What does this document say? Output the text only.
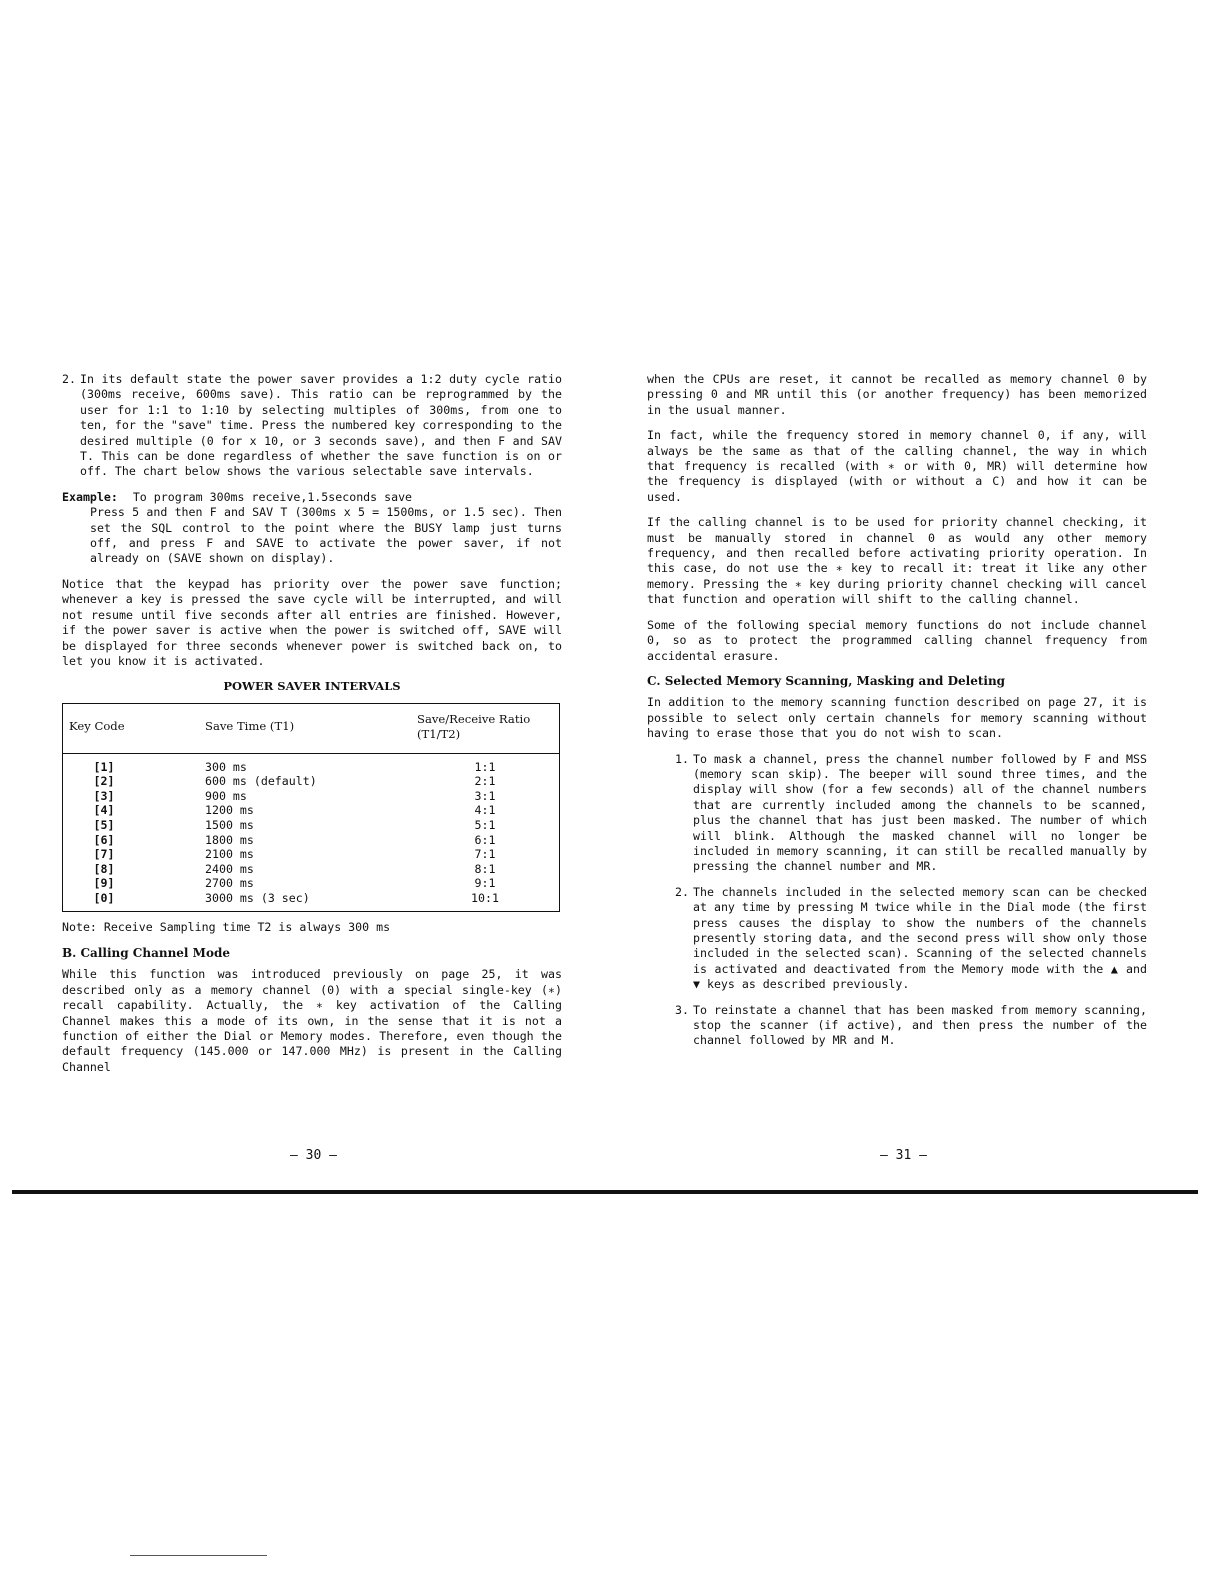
2. In its default state the power saver provides a 1:2 duty cycle ratio (300ms receive, 600ms save). This ratio can be reprogrammed by the user for 1:1 to 1:10 by selecting multiples of 300ms, from one to ten, for the "save" time. Press the numbered key corresponding to the desired multiple (0 for x 10, or 3 seconds save), and then F and SAV T. This can be done regardless of whether the save function is on or off. The chart below shows the various selectable save intervals.
Example: To program 300ms receive,1.5seconds save
Press 5 and then F and SAV T (300ms x 5 = 1500ms, or 1.5 sec). Then set the SQL control to the point where the BUSY lamp just turns off, and press F and SAVE to activate the power saver, if not already on (SAVE shown on display).

Notice that the keypad has priority over the power save function; whenever a key is pressed the save cycle will be interrupted, and will not resume until five seconds after all entries are finished. However, if the power saver is active when the power is switched off, SAVE will be displayed for three seconds whenever power is switched back on, to let you know it is activated.

POWER SAVER INTERVALS
Key Code	Save Time (T1)	Save/Receive Ratio (T1/T2)
[1]	300 ms	1:1
[2]	600 ms (default)	2:1
[3]	900 ms	3:1
[4]	1200 ms	4:1
[5]	1500 ms	5:1
[6]	1800 ms	6:1
[7]	2100 ms	7:1
[8]	2400 ms	8:1
[9]	2700 ms	9:1
[0]	3000 ms (3 sec)	10:1
Note: Receive Sampling time T2 is always 300 ms
B. Calling Channel Mode

While this function was introduced previously on page 25, it was described only as a memory channel (0) with a special single-key (∗) recall capability. Actually, the ∗ key activation of the Calling Channel makes this a mode of its own, in the sense that it is not a function of either the Dial or Memory modes. Therefore, even though the default frequency (145.000 or 147.000 MHz) is present in the Calling Channel

when the CPUs are reset, it cannot be recalled as memory channel 0 by pressing 0 and MR until this (or another frequency) has been memorized in the usual manner.

In fact, while the frequency stored in memory channel 0, if any, will always be the same as that of the calling channel, the way in which that frequency is recalled (with ∗ or with 0, MR) will determine how the frequency is displayed (with or without a C) and how it can be used.

If the calling channel is to be used for priority channel checking, it must be manually stored in channel 0 as would any other memory frequency, and then recalled before activating priority operation. In this case, do not use the ∗ key to recall it: treat it like any other memory. Pressing the ∗ key during priority channel checking will cancel that function and operation will shift to the calling channel.

Some of the following special memory functions do not include channel 0, so as to protect the programmed calling channel frequency from accidental erasure.

C. Selected Memory Scanning, Masking and Deleting

In addition to the memory scanning function described on page 27, it is possible to select only certain channels for memory scanning without having to erase those that you do not wish to scan.

1. To mask a channel, press the channel number followed by F and MSS (memory scan skip). The beeper will sound three times, and the display will show (for a few seconds) all of the channel numbers that are currently included among the channels to be scanned, plus the channel that has just been masked. The number of which will blink. Although the masked channel will no longer be included in memory scanning, it can still be recalled manually by pressing the channel number and MR.
2. The channels included in the selected memory scan can be checked at any time by pressing M twice while in the Dial mode (the first press causes the display to show the numbers of the channels presently storing data, and the second press will show only those included in the selected scan). Scanning of the selected channels is activated and deactivated from the Memory mode with the ▲ and ▼ keys as described previously.
3. To reinstate a channel that has been masked from memory scanning, stop the scanner (if active), and then press the number of the channel followed by MR and M.
— 30 —	— 31 —
